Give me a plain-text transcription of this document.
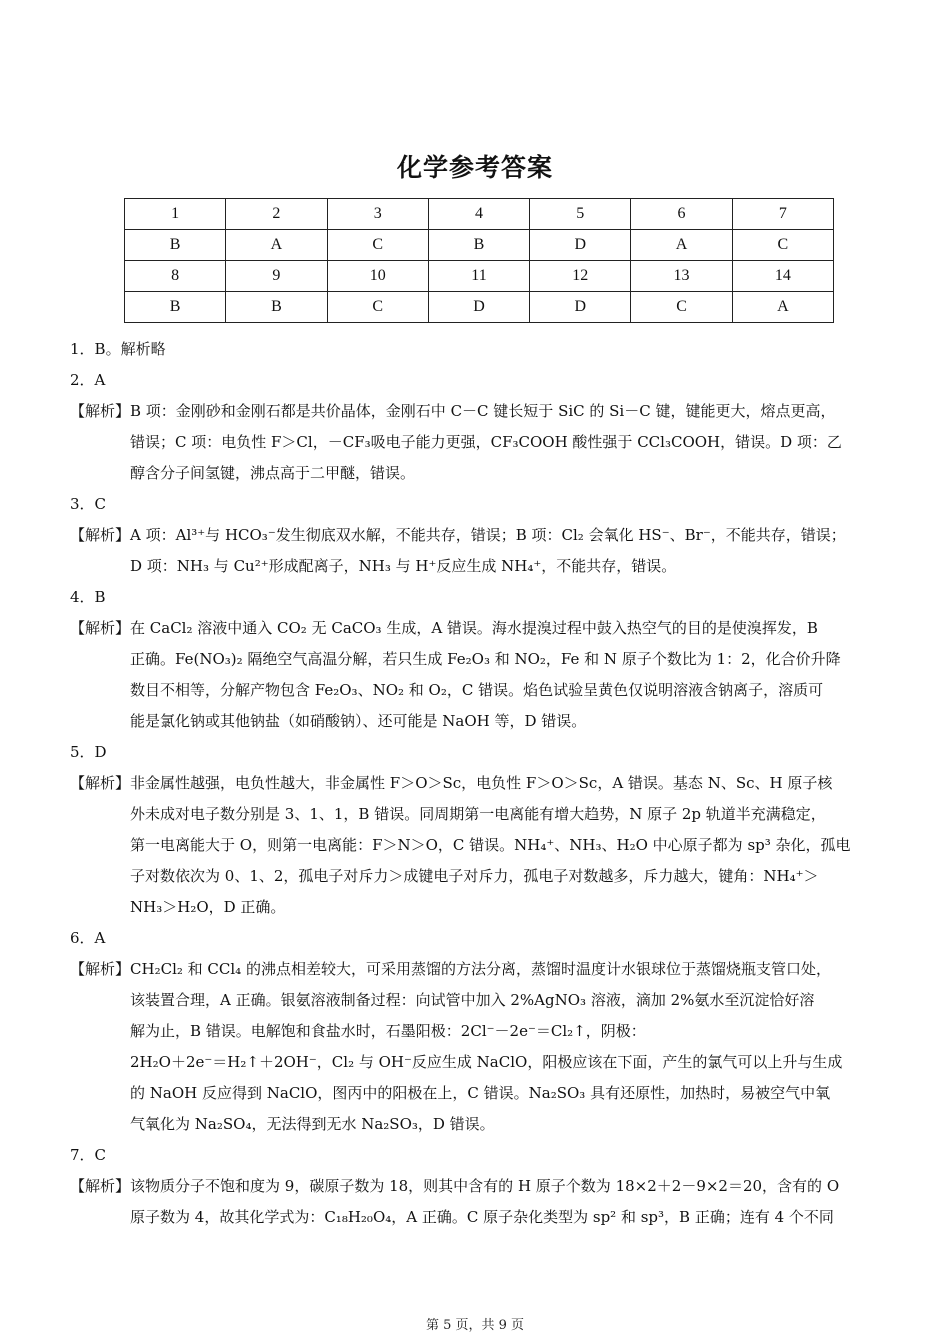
化学参考答案
1	2	3	4	5	6	7
B	A	C	B	D	A	C
8	9	10	11	12	13	14
B	B	C	D	D	C	A
1．B。解析略
2．A
【解析】 B 项：金刚砂和金刚石都是共价晶体，金刚石中 C－C 键长短于 SiC 的 Si－C 键，键能更大，熔点更高，

错误；C 项：电负性 F＞Cl，－CF₃吸电子能力更强，CF₃COOH 酸性强于 CCl₃COOH，错误。D 项：乙

醇含分子间氢键，沸点高于二甲醚，错误。

3．C
【解析】 A 项：Al³⁺与 HCO₃⁻发生彻底双水解，不能共存，错误；B 项：Cl₂ 会氧化 HS⁻、Br⁻，不能共存，错误；

D 项：NH₃ 与 Cu²⁺形成配离子，NH₃ 与 H⁺反应生成 NH₄⁺，不能共存，错误。

4．B
【解析】 在 CaCl₂ 溶液中通入 CO₂ 无 CaCO₃ 生成，A 错误。海水提溴过程中鼓入热空气的目的是使溴挥发，B

正确。Fe(NO₃)₂ 隔绝空气高温分解，若只生成 Fe₂O₃ 和 NO₂，Fe 和 N 原子个数比为 1：2，化合价升降

数目不相等，分解产物包含 Fe₂O₃、NO₂ 和 O₂，C 错误。焰色试验呈黄色仅说明溶液含钠离子，溶质可

能是氯化钠或其他钠盐（如硝酸钠）、还可能是 NaOH 等，D 错误。

5．D
【解析】 非金属性越强，电负性越大，非金属性 F＞O＞Sc，电负性 F＞O＞Sc，A 错误。基态 N、Sc、H 原子核

外未成对电子数分别是 3、1、1，B 错误。同周期第一电离能有增大趋势，N 原子 2p 轨道半充满稳定，

第一电离能大于 O，则第一电离能：F＞N＞O，C 错误。NH₄⁺、NH₃、H₂O 中心原子都为 sp³ 杂化，孤电

子对数依次为 0、1、2，孤电子对斥力＞成键电子对斥力，孤电子对数越多，斥力越大，键角：NH₄⁺＞

NH₃＞H₂O，D 正确。

6．A
【解析】 CH₂Cl₂ 和 CCl₄ 的沸点相差较大，可采用蒸馏的方法分离，蒸馏时温度计水银球位于蒸馏烧瓶支管口处，

该装置合理，A 正确。银氨溶液制备过程：向试管中加入 2%AgNO₃ 溶液，滴加 2%氨水至沉淀恰好溶

解为止，B 错误。电解饱和食盐水时，石墨阳极：2Cl⁻－2e⁻＝Cl₂↑，阴极：

2H₂O＋2e⁻＝H₂↑＋2OH⁻，Cl₂ 与 OH⁻反应生成 NaClO，阳极应该在下面，产生的氯气可以上升与生成

的 NaOH 反应得到 NaClO，图丙中的阳极在上，C 错误。Na₂SO₃ 具有还原性，加热时，易被空气中氧

气氧化为 Na₂SO₄，无法得到无水 Na₂SO₃，D 错误。

7．C
【解析】 该物质分子不饱和度为 9，碳原子数为 18，则其中含有的 H 原子个数为 18×2＋2－9×2＝20，含有的 O

原子数为 4，故其化学式为：C₁₈H₂₀O₄，A 正确。C 原子杂化类型为 sp² 和 sp³，B 正确；连有 4 个不同

第 5 页，共 9 页
